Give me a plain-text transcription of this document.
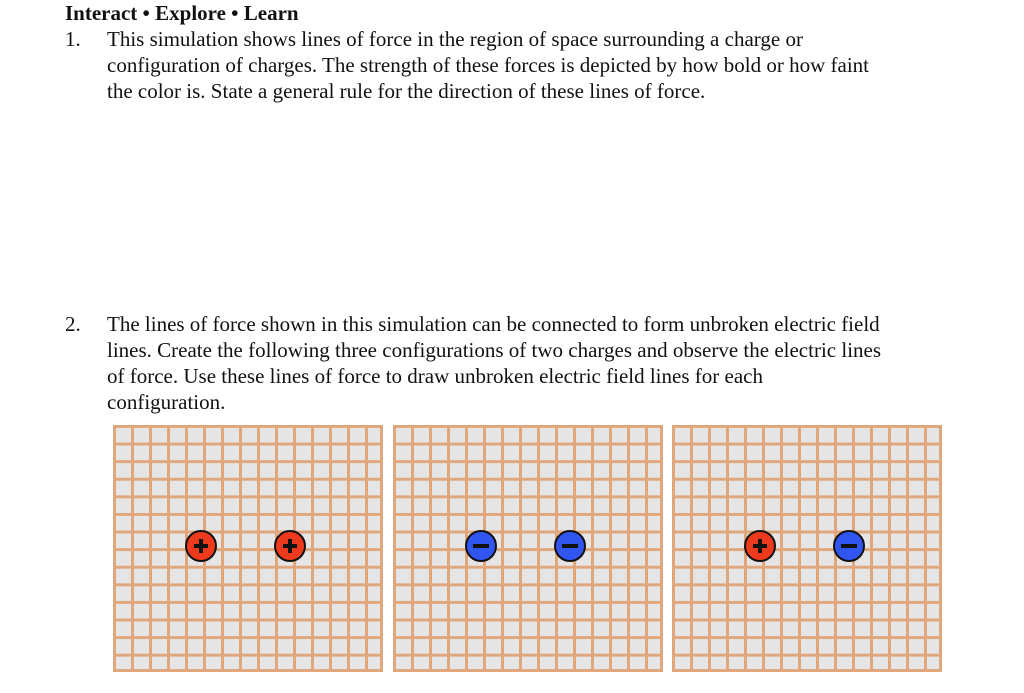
Interact • Explore • Learn
1. This simulation shows lines of force in the region of space surrounding a charge or
configuration of charges. The strength of these forces is depicted by how bold or how faint
the color is. State a general rule for the direction of these lines of force.
2. The lines of force shown in this simulation can be connected to form unbroken electric field
lines. Create the following three configurations of two charges and observe the electric lines
of force. Use these lines of force to draw unbroken electric field lines for each
configuration.
